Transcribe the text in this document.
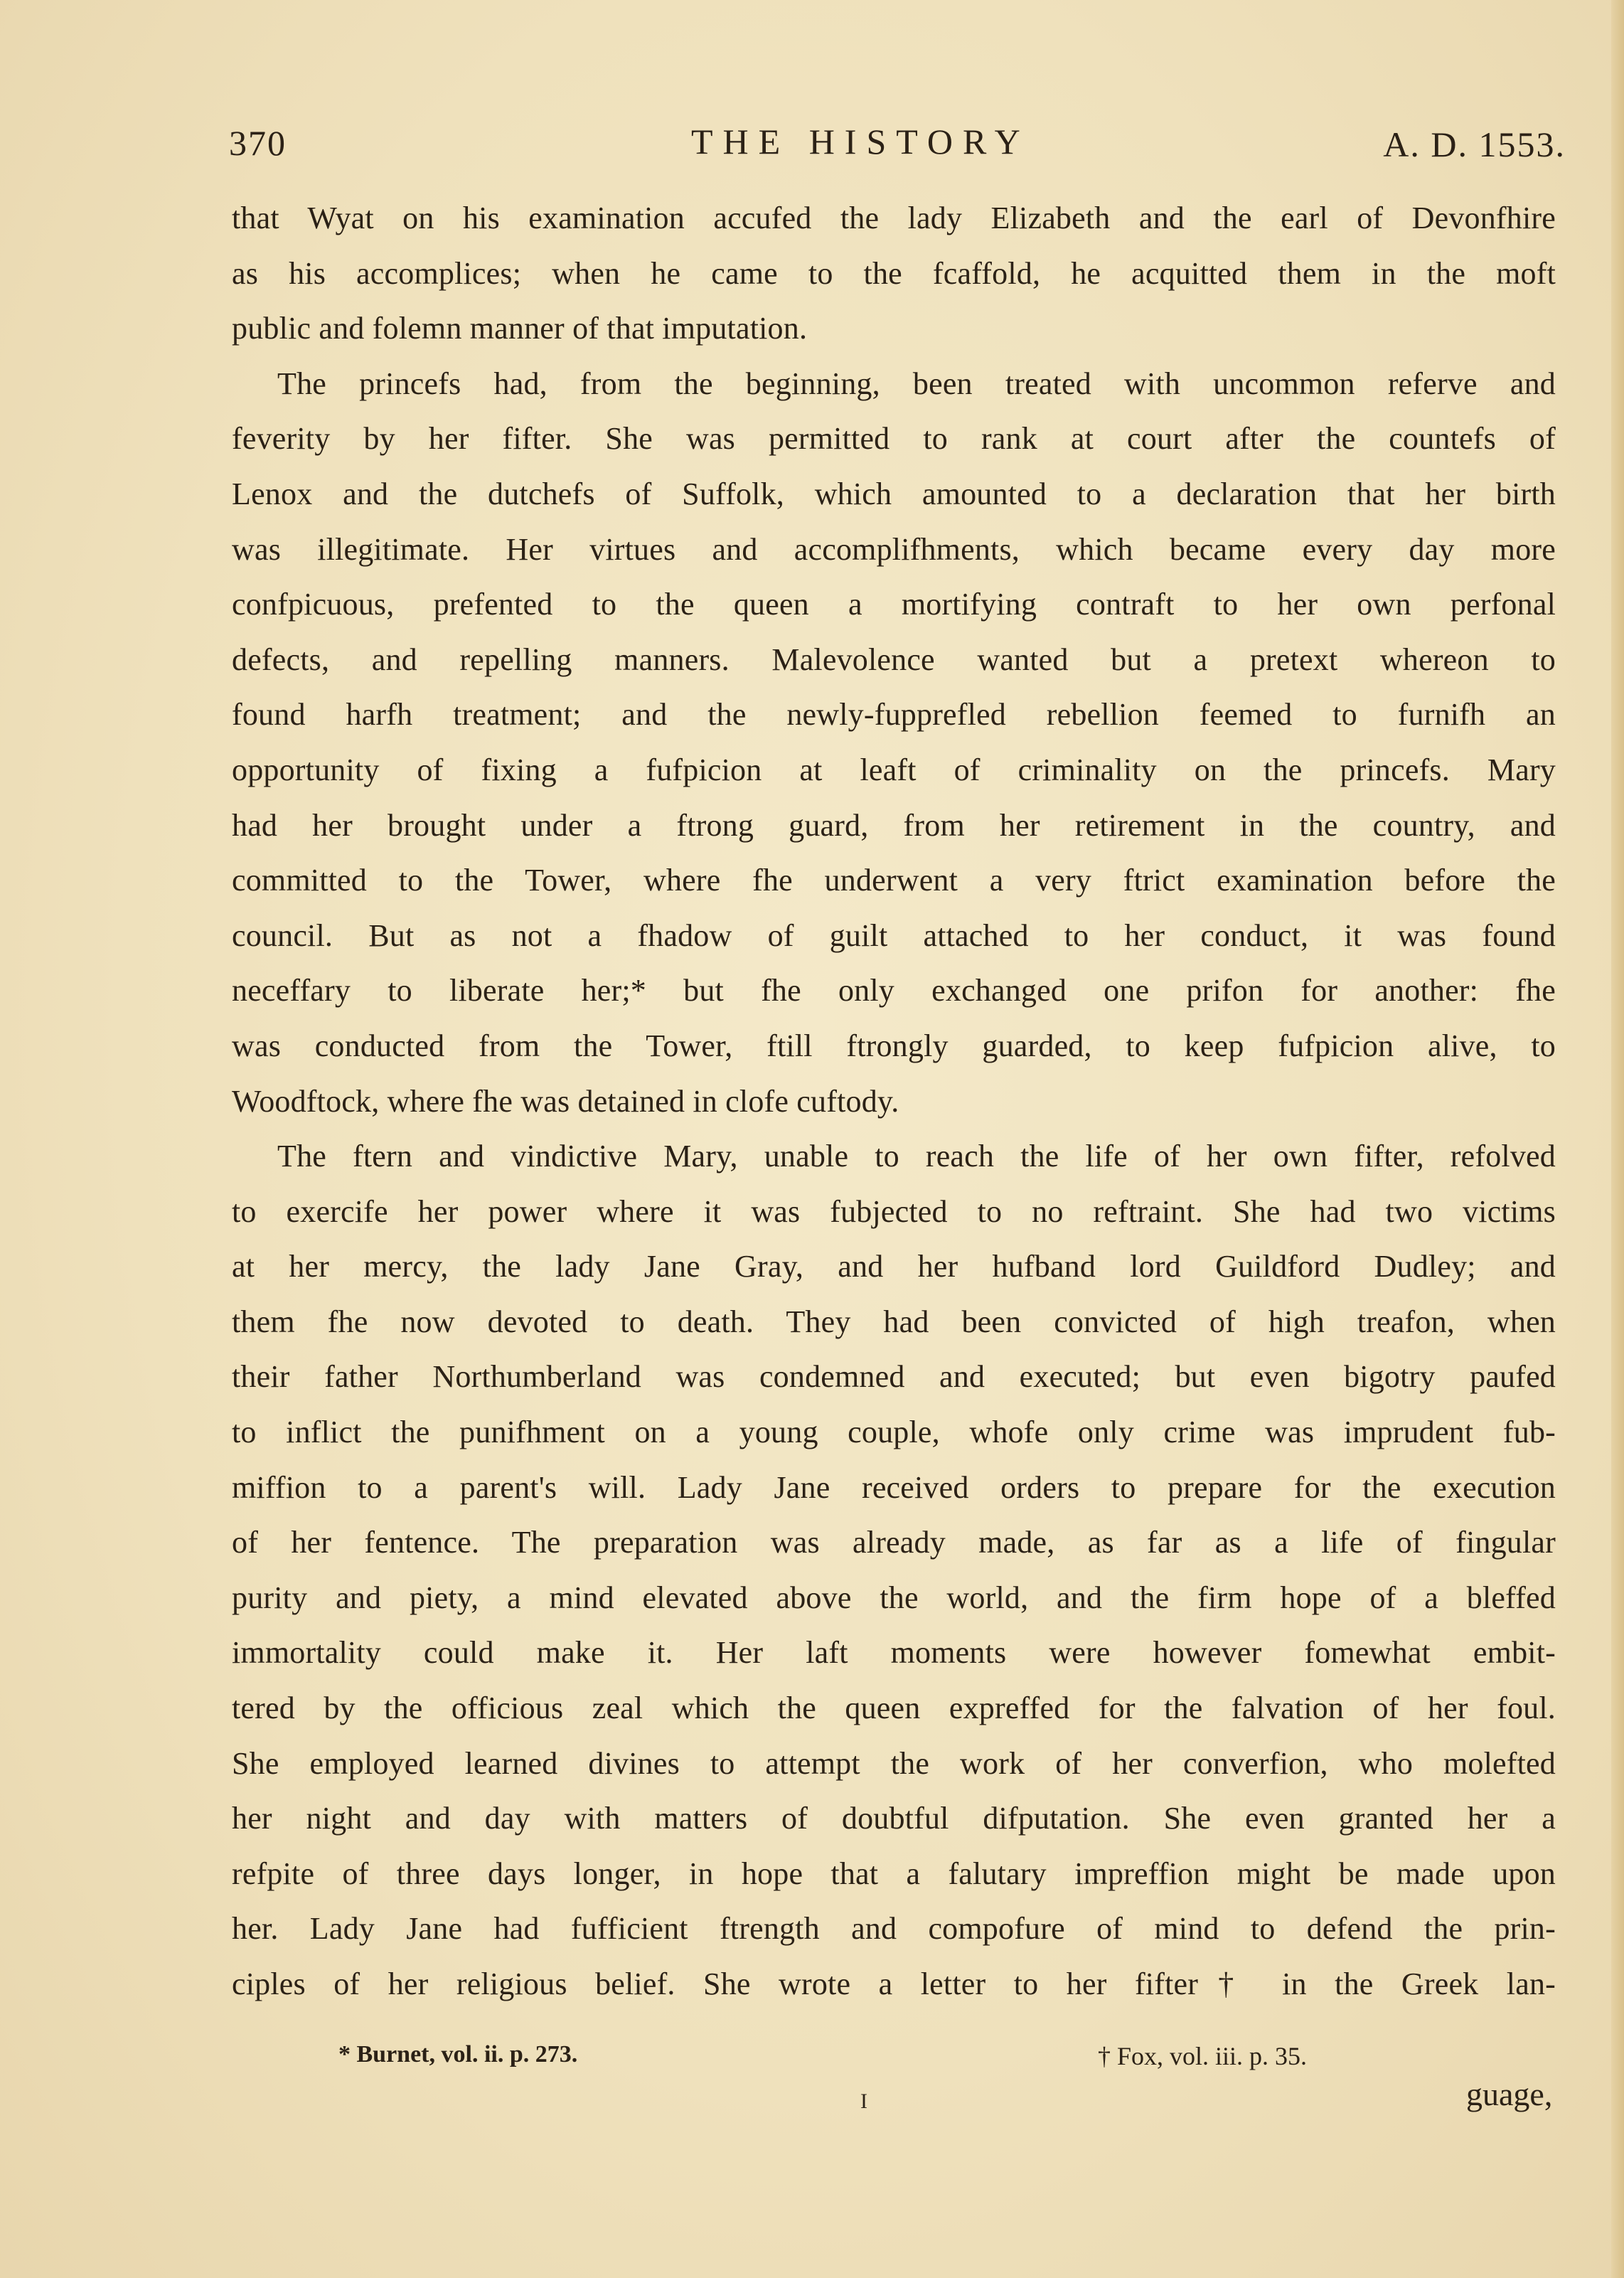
370	THE HISTORY	A. D. 1553.
that Wyat on his examination accufed the lady Elizabeth and the earl of Devonfhire
as his accomplices; when he came to the fcaffold, he acquitted them in the moft
public and folemn manner of that imputation.
The princefs had, from the beginning, been treated with uncommon referve and
feverity by her fifter. She was permitted to rank at court after the countefs of
Lenox and the dutchefs of Suffolk, which amounted to a declaration that her birth
was illegitimate. Her virtues and accomplifhments, which became every day more
confpicuous, prefented to the queen a mortifying contraft to her own perfonal
defects, and repelling manners. Malevolence wanted but a pretext whereon to
found harfh treatment; and the newly-fupprefled rebellion feemed to furnifh an
opportunity of fixing a fufpicion at leaft of criminality on the princefs. Mary
had her brought under a ftrong guard, from her retirement in the country, and
committed to the Tower, where fhe underwent a very ftrict examination before the
council. But as not a fhadow of guilt attached to her conduct, it was found
neceffary to liberate her;* but fhe only exchanged one prifon for another: fhe
was conducted from the Tower, ftill ftrongly guarded, to keep fufpicion alive, to
Woodftock, where fhe was detained in clofe cuftody.
The ftern and vindictive Mary, unable to reach the life of her own fifter, refolved
to exercife her power where it was fubjected to no reftraint. She had two victims
at her mercy, the lady Jane Gray, and her hufband lord Guildford Dudley; and
them fhe now devoted to death. They had been convicted of high treafon, when
their father Northumberland was condemned and executed; but even bigotry paufed
to inflict the punifhment on a young couple, whofe only crime was imprudent fub-
miffion to a parent's will. Lady Jane received orders to prepare for the execution
of her fentence. The preparation was already made, as far as a life of fingular
purity and piety, a mind elevated above the world, and the firm hope of a bleffed
immortality could make it. Her laft moments were however fomewhat embit-
tered by the officious zeal which the queen expreffed for the falvation of her foul.
She employed learned divines to attempt the work of her converfion, who molefted
her night and day with matters of doubtful difputation. She even granted her a
refpite of three days longer, in hope that a falutary impreffion might be made upon
her. Lady Jane had fufficient ftrength and compofure of mind to defend the prin-
ciples of her religious belief. She wrote a letter to her fifter† in the Greek lan-
* Burnet, vol. ii. p. 273.	† Fox, vol. iii. p. 35.
I	guage,
